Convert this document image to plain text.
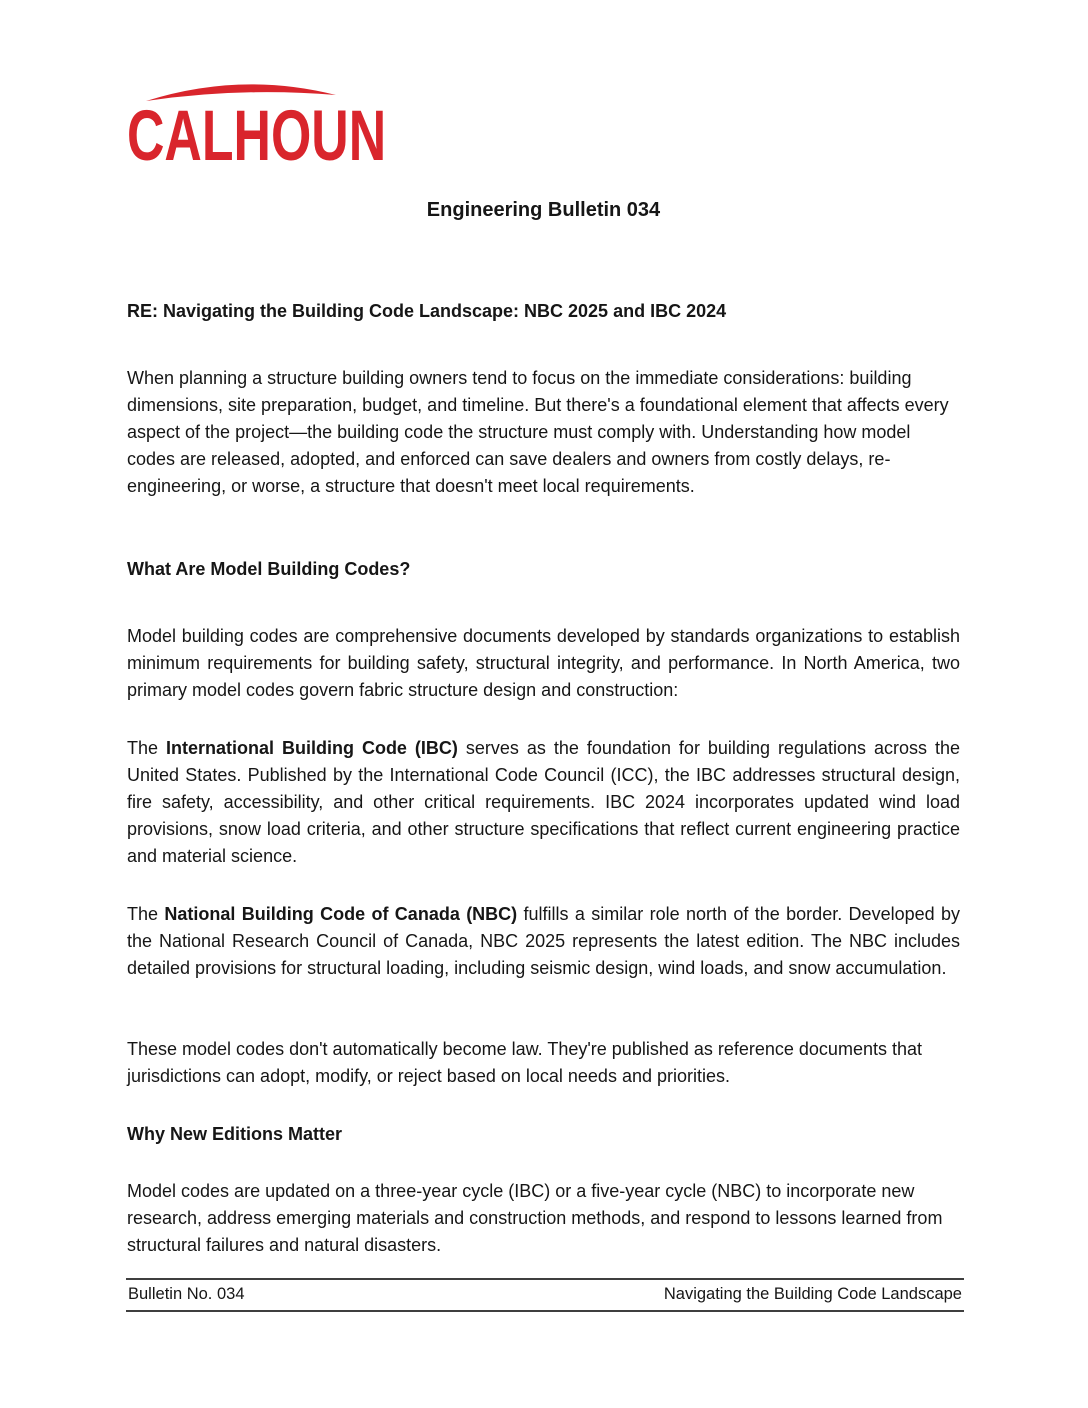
CALHOUN
Engineering Bulletin 034
RE: Navigating the Building Code Landscape: NBC 2025 and IBC 2024
When planning a structure building owners tend to focus on the immediate considerations: building dimensions, site preparation, budget, and timeline. But there's a foundational element that affects every aspect of the project—the building code the structure must comply with. Understanding how model codes are released, adopted, and enforced can save dealers and owners from costly delays, re-engineering, or worse, a structure that doesn't meet local requirements.
What Are Model Building Codes?
Model building codes are comprehensive documents developed by standards organizations to establish minimum requirements for building safety, structural integrity, and performance. In North America, two primary model codes govern fabric structure design and construction:
The International Building Code (IBC) serves as the foundation for building regulations across the United States. Published by the International Code Council (ICC), the IBC addresses structural design, fire safety, accessibility, and other critical requirements. IBC 2024 incorporates updated wind load provisions, snow load criteria, and other structure specifications that reflect current engineering practice and material science.
The National Building Code of Canada (NBC) fulfills a similar role north of the border. Developed by the National Research Council of Canada, NBC 2025 represents the latest edition. The NBC includes detailed provisions for structural loading, including seismic design, wind loads, and snow accumulation.
These model codes don't automatically become law. They're published as reference documents that jurisdictions can adopt, modify, or reject based on local needs and priorities.
Why New Editions Matter
Model codes are updated on a three-year cycle (IBC) or a five-year cycle (NBC) to incorporate new research, address emerging materials and construction methods, and respond to lessons learned from structural failures and natural disasters.
Bulletin No. 034	Navigating the Building Code Landscape
